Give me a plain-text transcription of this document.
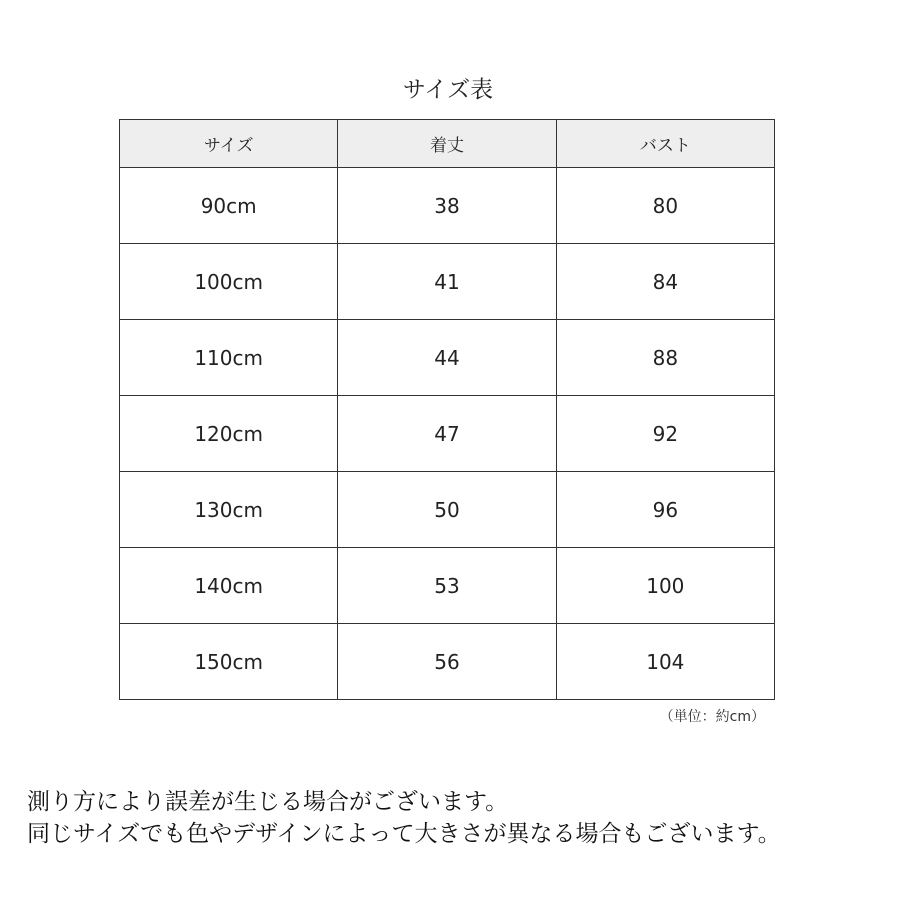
サイズ表
サイズ	着丈	バスト
90cm	38	80
100cm	41	84
110cm	44	88
120cm	47	92
130cm	50	96
140cm	53	100
150cm	56	104
（単位：約cm）
測り方により誤差が生じる場合がございます。
同じサイズでも色やデザインによって大きさが異なる場合もございます。
